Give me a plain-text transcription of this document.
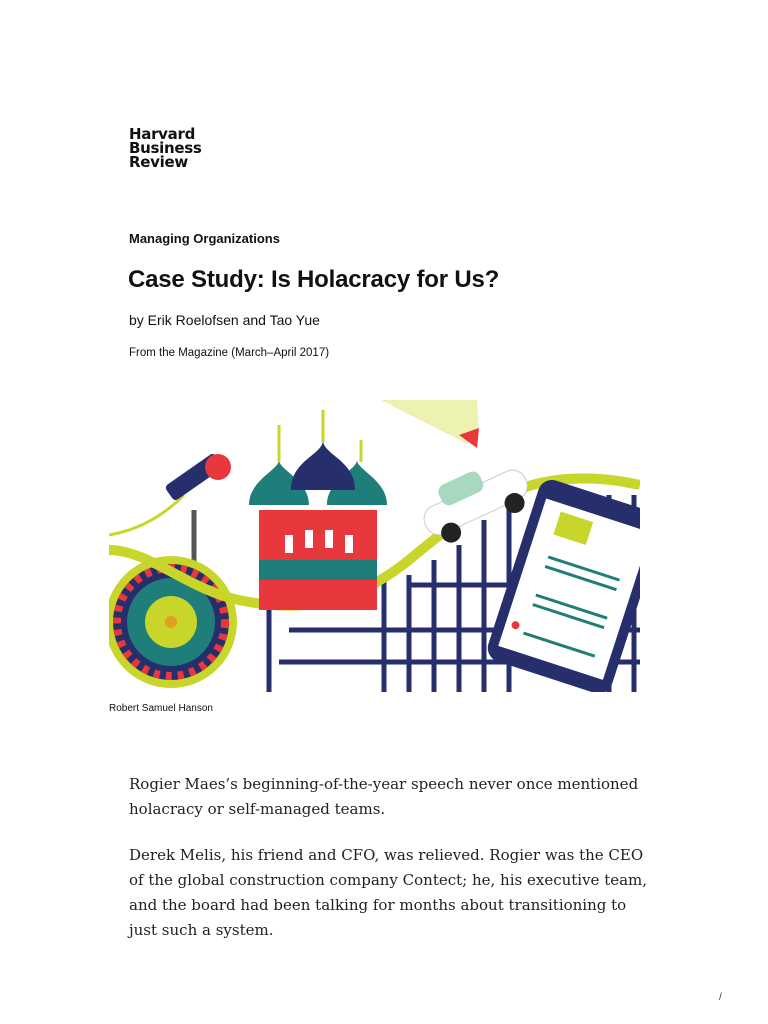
Harvard
Business
Review
Managing Organizations
Case Study: Is Holacracy for Us?
by Erik Roelofsen and Tao Yue
From the Magazine (March–April 2017)
Robert Samuel Hanson

Rogier Maes’s beginning-of-the-year speech never once mentioned holacracy or self-managed teams.

Derek Melis, his friend and CFO, was relieved. Rogier was the CEO of the global construction company Contect; he, his executive team, and the board had been talking for months about transitioning to just such a system.

/
